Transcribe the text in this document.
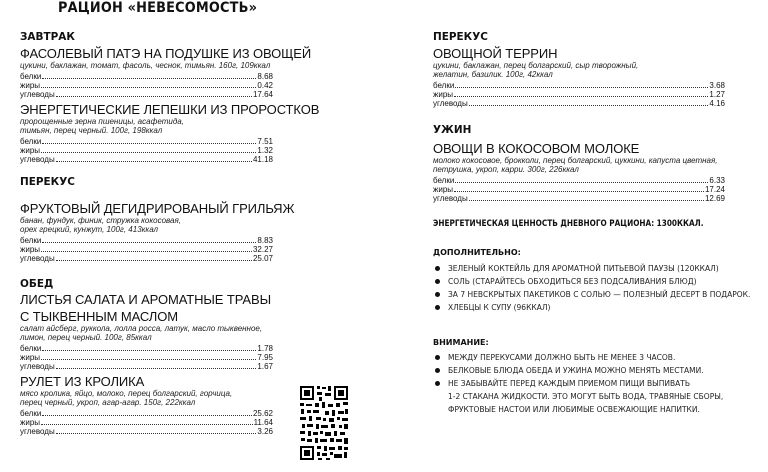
РАЦИОН «НЕВЕСОМОСТЬ»
ЗАВТРАК

ФАСОЛЕВЫЙ ПАТЭ НА ПОДУШКЕ ИЗ ОВОЩЕЙ

цукини, баклажан, томат, фасоль, чеснок, тимьян. 160г, 109ккал

белки	8.68
жиры	0.42
углеводы	17.64

ЭНЕРГЕТИЧЕСКИЕ ЛЕПЕШКИ ИЗ ПРОРОСТКОВ

пророщенные зерна пшеницы, асафетида,

тимьян, перец черный. 100г, 198ккал

белки	7.51
жиры	1.32
углеводы	41.18
ПЕРЕКУС

ФРУКТОВЫЙ ДЕГИДРИРОВАНЫЙ ГРИЛЬЯЖ

банан, фундук, финик, стружка кокосовая,

орех грецкий, кунжут, 100г, 413ккал

белки	8.83
жиры	32.27
углеводы	25.07
ОБЕД

ЛИСТЬЯ САЛАТА И АРОМАТНЫЕ ТРАВЫ

С ТЫКВЕННЫМ МАСЛОМ

салат айсберг, руккола, лолла росса, латук, масло тыквенное,

лимон, перец черный. 100г, 85ккал

белки	1.78
жиры	7.95
углеводы	1.67

РУЛЕТ ИЗ КРОЛИКА

мясо кролика, яйцо, молоко, перец болгарский, горчица,

перец черный, укроп, агар-агар. 150г, 222ккал

белки	25.62
жиры	11.64
углеводы	3.26
ПЕРЕКУС

ОВОЩНОЙ ТЕРРИН

цукини, баклажан, перец болгарский, сыр творожный,

желатин, базилик. 100г, 42ккал

белки	3.68
жиры	1.27
углеводы	4.16
УЖИН

ОВОЩИ В КОКОСОВОМ МОЛОКЕ

молоко кокосовое, брокколи, перец болгарский, цуккини, капуста цветная,

петрушка, укроп, карри. 300г, 226ккал

белки	6.33
жиры	17.24
углеводы	12.69
ЭНЕРГЕТИЧЕСКАЯ ЦЕННОСТЬ ДНЕВНОГО РАЦИОНА: 1300ККАЛ.
ДОПОЛНИТЕЛЬНО:
ЗЕЛЕНЫЙ КОКТЕЙЛЬ ДЛЯ АРОМАТНОЙ ПИТЬЕВОЙ ПАУЗЫ (120ККАЛ)
СОЛЬ (СТАРАЙТЕСЬ ОБХОДИТЬСЯ БЕЗ ПОДСАЛИВАНИЯ БЛЮД)
ЗА 7 НЕВСКРЫТЫХ ПАКЕТИКОВ С СОЛЬЮ — ПОЛЕЗНЫЙ ДЕСЕРТ В ПОДАРОК.
ХЛЕБЦЫ К СУПУ (96ККАЛ)
ВНИМАНИЕ:
МЕЖДУ ПЕРЕКУСАМИ ДОЛЖНО БЫТЬ НЕ МЕНЕЕ 3 ЧАСОВ.
БЕЛКОВЫЕ БЛЮДА ОБЕДА И УЖИНА МОЖНО МЕНЯТЬ МЕСТАМИ.
НЕ ЗАБЫВАЙТЕ ПЕРЕД КАЖДЫМ ПРИЕМОМ ПИЩИ ВЫПИВАТЬ
1-2 СТАКАНА ЖИДКОСТИ. ЭТО МОГУТ БЫТЬ ВОДА, ТРАВЯНЫЕ СБОРЫ,
ФРУКТОВЫЕ НАСТОИ ИЛИ ЛЮБИМЫЕ ОСВЕЖАЮЩИЕ НАПИТКИ.
